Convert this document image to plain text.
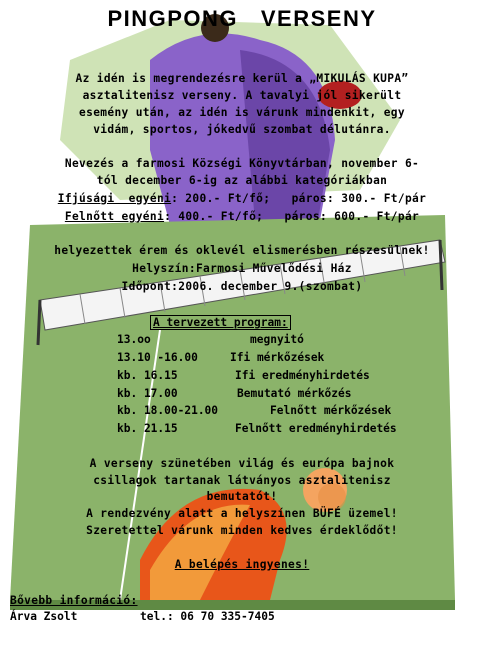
PINGPONG   VERSENY
Az idén is megrendezésre kerül a „MIKULÁS KUPA”
asztalitenisz verseny. A tavalyi jól sikerült
esemény után, az idén is várunk mindenkit, egy
vidám, sportos, jókedvű szombat délutánra.
Nevezés a farmosi Községi Könyvtárban, november 6-
tól december 6-ig az alábbi kategóriákban
Ifjúsági  egyéni: 200.- Ft/fő;   páros: 300.- Ft/pár
Felnőtt egyéni: 400.- Ft/fő;   páros: 600.- Ft/pár
helyezettek érem és oklevél elismerésben részesülnek!
Helyszín:Farmosi Művelődési Ház
Időpont:2006. december 9.(szombat)
A tervezett program:
13.oo	megnyitó
13.10 -16.00	Ifi mérkőzések
kb. 16.15	Ifi eredményhirdetés
kb. 17.00	Bemutató mérkőzés
kb. 18.00-21.00	Felnőtt mérkőzések
kb. 21.15	Felnőtt eredményhirdetés
A verseny szünetében világ és európa bajnok
csillagok tartanak látványos asztalitenisz
bemutatót!
A rendezvény alatt a helyszínen BÜFÉ üzemel!
Szeretettel várunk minden kedves érdeklődőt!
A belépés ingyenes!
Bővebb információ:
Árva Zsolt	tel.: 06 70 335-7405
